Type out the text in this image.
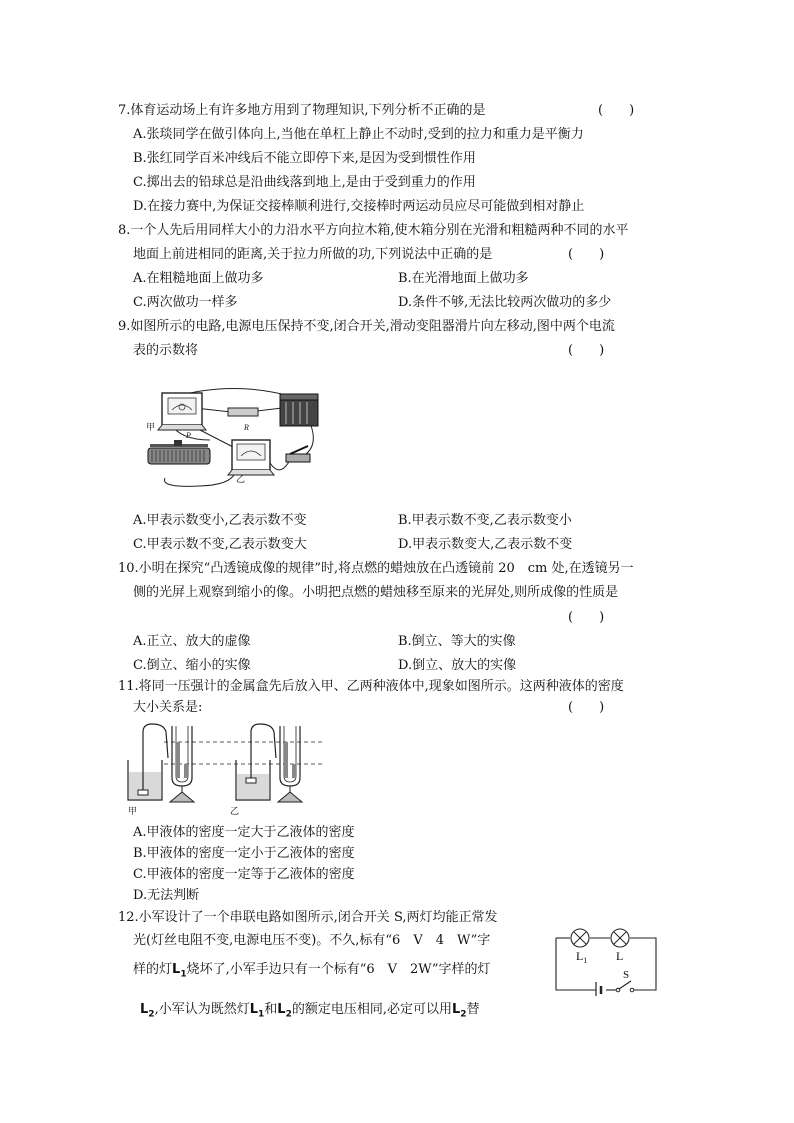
7.体育运动场上有许多地方用到了物理知识,下列分析不正确的是	(　　)
A.张琰同学在做引体向上,当他在单杠上静止不动时,受到的拉力和重力是平衡力
B.张红同学百米冲线后不能立即停下来,是因为受到惯性作用
C.掷出去的铅球总是沿曲线落到地上,是由于受到重力的作用
D.在接力赛中,为保证交接棒顺利进行,交接棒时两运动员应尽可能做到相对静止
8.一个人先后用同样大小的力沿水平方向拉木箱,使木箱分别在光滑和粗糙两种不同的水平
地面上前进相同的距离,关于拉力所做的功,下列说法中正确的是	(　　)
A.在粗糙地面上做功多	B.在光滑地面上做功多
C.两次做功一样多	D.条件不够,无法比较两次做功的多少
9.如图所示的电路,电源电压保持不变,闭合开关,滑动变阻器滑片向左移动,图中两个电流
表的示数将	(　　)
甲	R
P
乙
A.甲表示数变小,乙表示数不变	B.甲表示数不变,乙表示数变小
C.甲表示数不变,乙表示数变大	D.甲表示数变大,乙表示数不变
10.小明在探究“凸透镜成像的规律”时,将点燃的蜡烛放在凸透镜前 20　cm 处,在透镜另一
侧的光屏上观察到缩小的像。小明把点燃的蜡烛移至原来的光屏处,则所成像的性质是
(　　)
A.正立、放大的虚像	B.倒立、等大的实像
C.倒立、缩小的实像	D.倒立、放大的实像
11.将同一压强计的金属盒先后放入甲、乙两种液体中,现象如图所示。这两种液体的密度
大小关系是:	(　　)
甲	乙
A.甲液体的密度一定大于乙液体的密度
B.甲液体的密度一定小于乙液体的密度
C.甲液体的密度一定等于乙液体的密度
D.无法判断
12.小军设计了一个串联电路如图所示,闭合开关 S,两灯均能正常发
光(灯丝电阻不变,电源电压不变)。不久,标有“6　V　4　W”字
样的灯$L_1$烧坏了,小军手边只有一个标有“6　V　2W”字样的灯
$L_2$,小军认为既然灯$L_1$和$L_2$的额定电压相同,必定可以用$L_2$替
$L_1$ L
S
